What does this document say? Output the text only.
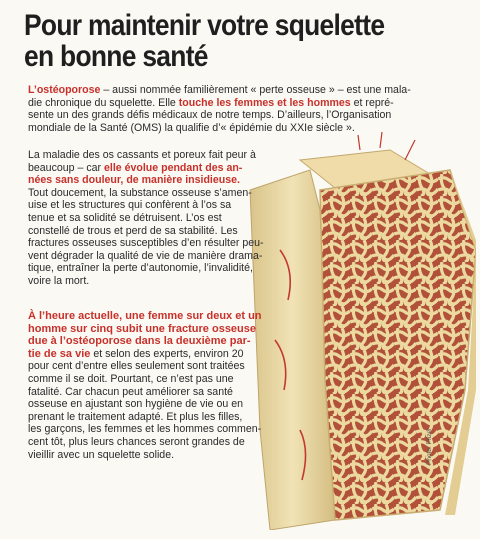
Pour maintenir votre squelette
en bonne santé
L’ostéoporose – aussi nommée familièrement « perte osseuse » – est une mala-
die chronique du squelette. Elle touche les femmes et les hommes et repré-
sente un des grands défis médicaux de notre temps. D’ailleurs, l’Organisation
mondiale de la Santé (OMS) la qualifie d’« épidémie du XXIe siècle ».
La maladie des os cassants et poreux fait peur à
beaucoup – car elle évolue pendant des an-
nées sans douleur, de manière insidieuse.
Tout doucement, la substance osseuse s’amen-
uise et les structures qui confèrent à l’os sa
tenue et sa solidité se détruisent. L’os est
constellé de trous et perd de sa stabilité. Les
fractures osseuses susceptibles d’en résulter peu-
vent dégrader la qualité de vie de manière drama-
tique, entraîner la perte d’autonomie, l’invalidité,
voire la mort.
À l’heure actuelle, une femme sur deux et un
homme sur cinq subit une fracture osseuse
due à l’ostéoporose dans la deuxième par-
tie de sa vie et selon des experts, environ 20
pour cent d’entre elles seulement sont traitées
comme il se doit. Pourtant, ce n’est pas une
fatalité. Car chacun peut améliorer sa santé
osseuse en ajustant son hygiène de vie ou en
prenant le traitement adapté. Et plus les filles,
les garçons, les femmes et les hommes commen-
cent tôt, plus leurs chances seront grandes de
vieillir avec un squelette solide.	Photo: Pfizer
